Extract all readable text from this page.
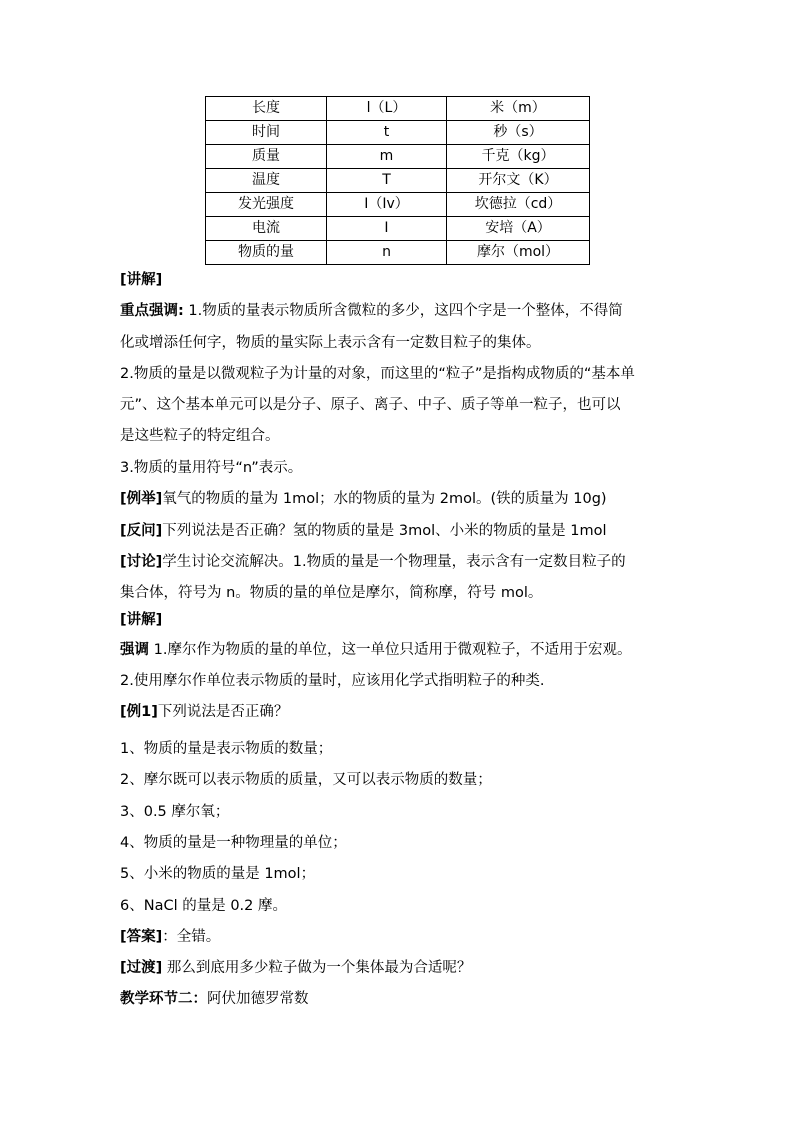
长度	l（L）	米（m）
时间	t	秒（s）
质量	m	千克（kg）
温度	T	开尔文（K）
发光强度	I（Iv）	坎德拉（cd）
电流	I	安培（A）
物质的量	n	摩尔（mol）
[讲解]
重点强调: 1.物质的量表示物质所含微粒的多少，这四个字是一个整体，不得简
化或增添任何字，物质的量实际上表示含有一定数目粒子的集体。
2.物质的量是以微观粒子为计量的对象，而这里的“粒子”是指构成物质的“基本单
元”、这个基本单元可以是分子、原子、离子、中子、质子等单一粒子，也可以
是这些粒子的特定组合。
3.物质的量用符号“n”表示。
[例举]氧气的物质的量为 1mol；水的物质的量为 2mol。(铁的质量为 10g)
[反问]下列说法是否正确？氢的物质的量是 3mol、小米的物质的量是 1mol
[讨论]学生讨论交流解决。1.物质的量是一个物理量，表示含有一定数目粒子的
集合体，符号为 n。物质的量的单位是摩尔，简称摩，符号 mol。
[讲解]
强调 1.摩尔作为物质的量的单位，这一单位只适用于微观粒子，不适用于宏观。
2.使用摩尔作单位表示物质的量时，应该用化学式指明粒子的种类.
[例1]下列说法是否正确？
1、物质的量是表示物质的数量；
2、摩尔既可以表示物质的质量，又可以表示物质的数量；
3、0.5 摩尔氧；
4、物质的量是一种物理量的单位；
5、小米的物质的量是 1mol；
6、NaCl 的量是 0.2 摩。
[答案]：全错。
[过渡] 那么到底用多少粒子做为一个集体最为合适呢？
教学环节二：阿伏加德罗常数
